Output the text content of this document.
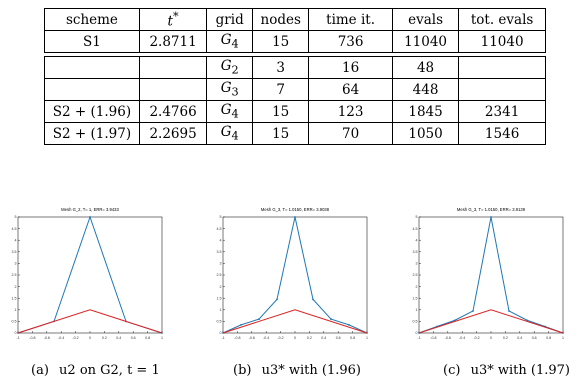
scheme	t*	grid	nodes	time it.	evals	tot. evals
S1	2.8711	$G_4$	15	736	11040	11040

		$G_2$	3	16	48	
		$G_3$	7	64	448	
S2 + (1.96)	2.4766	$G_4$	15	123	1845	2341
S2 + (1.97)	2.2695	$G_4$	15	70	1050	1546
Mesh G_2, T= 1, ERR= 3.9433
-1	-0.8 -0.6 -0.4 -0.2	0	0.2	0.4	0.6	0.8	1
0
0.5
1
1.5
2
2.5
3
3.5
4
4.5
5
Mesh G_3, T= 1.0150, ERR= 3.9038
-1	-0.8 -0.6 -0.4 -0.2	0	0.2	0.4	0.6	0.8	1
0
0.5
1
1.5
2
2.5
3
3.5
4
4.5
5
Mesh G_3, T= 1.0150, ERR= 3.9139
-1	-0.8 -0.6 -0.4 -0.2	0	0.2	0.4	0.6	0.8	1
0
0.5
1
1.5
2
2.5
3
3.5
4
4.5
5
(a) u2 on G2, t = 1	(b) u3* with (1.96)	(c) u3* with (1.97)
